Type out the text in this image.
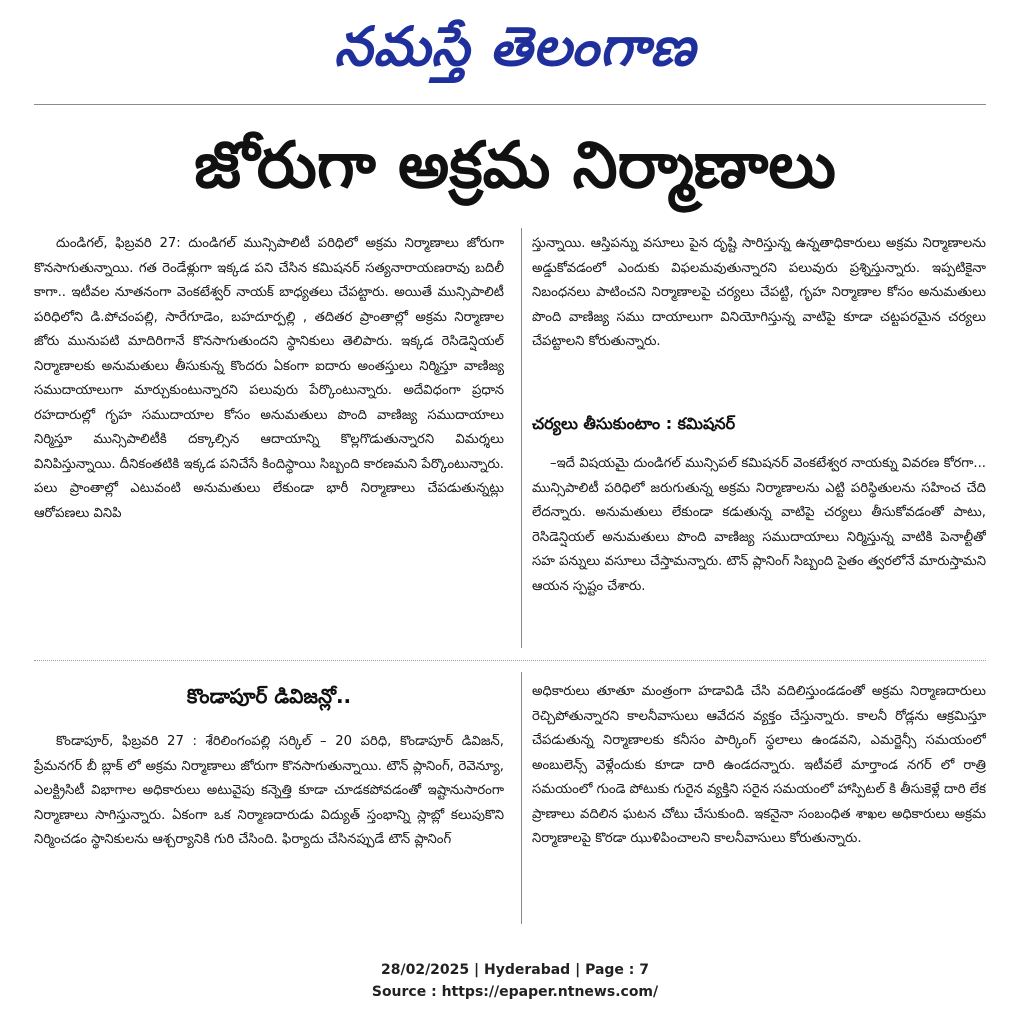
నమస్తే తెలంగాణ
జోరుగా అక్రమ నిర్మాణాలు

దుండిగల్, ఫిబ్రవరి 27: దుండిగల్ మున్సిపాలిటీ పరిధిలో అక్రమ నిర్మాణాలు జోరుగా కొనసాగుతున్నాయి. గత రెండేళ్లుగా ఇక్కడ పని చేసిన కమిషనర్ సత్యనారాయణరావు బదిలీ కాగా.. ఇటీవల నూతనంగా వెంకటేశ్వర్ నాయక్ బాధ్యతలు చేపట్టారు. అయితే మున్సిపాలిటీ పరిధిలోని డి.పోచంపల్లి, సారేగూడెం, బహదూర్పల్లి , తదితర ప్రాంతాల్లో అక్రమ నిర్మాణాల జోరు మునుపటి మాదిరిగానే కొనసాగుతుందని స్థానికులు తెలిపారు. ఇక్కడ రెసిడెన్షియల్ నిర్మాణాలకు అనుమతులు తీసుకున్న కొందరు ఏకంగా ఐదారు అంతస్తులు నిర్మిస్తూ వాణిజ్య సముదాయాలుగా మార్చుకుంటున్నారని పలువురు పేర్కొంటున్నారు. అదేవిధంగా ప్రధాన రహదారుల్లో గృహ సముదాయాల కోసం అనుమతులు పొంది వాణిజ్య సముదాయాలు నిర్మిస్తూ మున్సిపాలిటీకి దక్కాల్సిన ఆదాయాన్ని కొల్లగొడుతున్నారని విమర్శలు వినిపిస్తున్నాయి. దీనికంతటికి ఇక్కడ పనిచేసే కిందిస్థాయి సిబ్బంది కారణమని పేర్కొంటున్నారు. పలు ప్రాంతాల్లో ఎటువంటి అనుమతులు లేకుండా భారీ నిర్మాణాలు చేపడుతున్నట్లు ఆరోపణలు వినిపి

స్తున్నాయి. ఆస్తిపన్ను వసూలు పైన దృష్టి సారిస్తున్న ఉన్నతాధికారులు అక్రమ నిర్మాణాలను అడ్డుకోవడంలో ఎందుకు విఫలమవుతున్నారని పలువురు ప్రశ్నిస్తున్నారు. ఇప్పటికైనా నిబంధనలు పాటించని నిర్మాణాలపై చర్యలు చేపట్టి, గృహ నిర్మాణాల కోసం అనుమతులు పొంది వాణిజ్య సము దాయాలుగా వినియోగిస్తున్న వాటిపై కూడా చట్టపరమైన చర్యలు చేపట్టాలని కోరుతున్నారు.

చర్యలు తీసుకుంటాం : కమిషనర్

–ఇదే విషయమై దుండిగల్ మున్సిపల్ కమిషనర్ వెంకటేశ్వర నాయక్ను వివరణ కోరగా... మున్సిపాలిటీ పరిధిలో జరుగుతున్న అక్రమ నిర్మాణాలను ఎట్టి పరిస్థితులను సహించ చేది లేదన్నారు. అనుమతులు లేకుండా కడుతున్న వాటిపై చర్యలు తీసుకోవడంతో పాటు, రెసిడెన్షియల్ అనుమతులు పొంది వాణిజ్య సముదాయాలు నిర్మిస్తున్న వాటికి పెనాల్టీతో సహ పన్నులు వసూలు చేస్తామన్నారు. టౌన్ ప్లానింగ్ సిబ్బంది సైతం త్వరలోనే మారుస్తామని ఆయన స్పష్టం చేశారు.

కొండాపూర్ డివిజన్లో..

కొండాపూర్, ఫిబ్రవరి 27 : శేరిలింగంపల్లి సర్కిల్ – 20 పరిధి, కొండాపూర్ డివిజన్, ప్రేమనగర్ బీ బ్లాక్ లో అక్రమ నిర్మాణాలు జోరుగా కొనసాగుతున్నాయి. టౌన్ ప్లానింగ్, రెవెన్యూ, ఎలక్ట్రిసిటీ విభాగాల అధికారులు అటువైపు కన్నెత్తి కూడా చూడకపోవడంతో ఇష్టానుసారంగా నిర్మాణాలు సాగిస్తున్నారు. ఏకంగా ఒక నిర్మాణదారుడు విద్యుత్ స్తంభాన్ని స్లాబ్లో కలుపుకొని నిర్మించడం స్థానికులను ఆశ్చర్యానికి గురి చేసింది. ఫిర్యాదు చేసినప్పుడే టౌన్ ప్లానింగ్

అధికారులు తూతూ మంత్రంగా హడావిడి చేసి వదిలిస్తుండడంతో అక్రమ నిర్మాణదారులు రెచ్చిపోతున్నారని కాలనీవాసులు ఆవేదన వ్యక్తం చేస్తున్నారు. కాలనీ రోడ్లను ఆక్రమిస్తూ చేపడుతున్న నిర్మాణాలకు కనీసం పార్కింగ్ స్థలాలు ఉండవని, ఎమర్జెన్సీ సమయంలో అంబులెన్స్ వెళ్లేందుకు కూడా దారి ఉండదన్నారు. ఇటీవలే మార్తాండ నగర్ లో రాత్రి సమయంలో గుండె పోటుకు గురైన వ్యక్తిని సరైన సమయంలో హాస్పిటల్ కి తీసుకెళ్లే దారి లేక ప్రాణాలు వదిలిన ఘటన చోటు చేసుకుంది. ఇకనైనా సంబంధిత శాఖల అధికారులు అక్రమ నిర్మాణాలపై కొరడా ఝుళిపించాలని కాలనీవాసులు కోరుతున్నారు.

28/02/2025 | Hyderabad | Page : 7
Source : https://epaper.ntnews.com/
